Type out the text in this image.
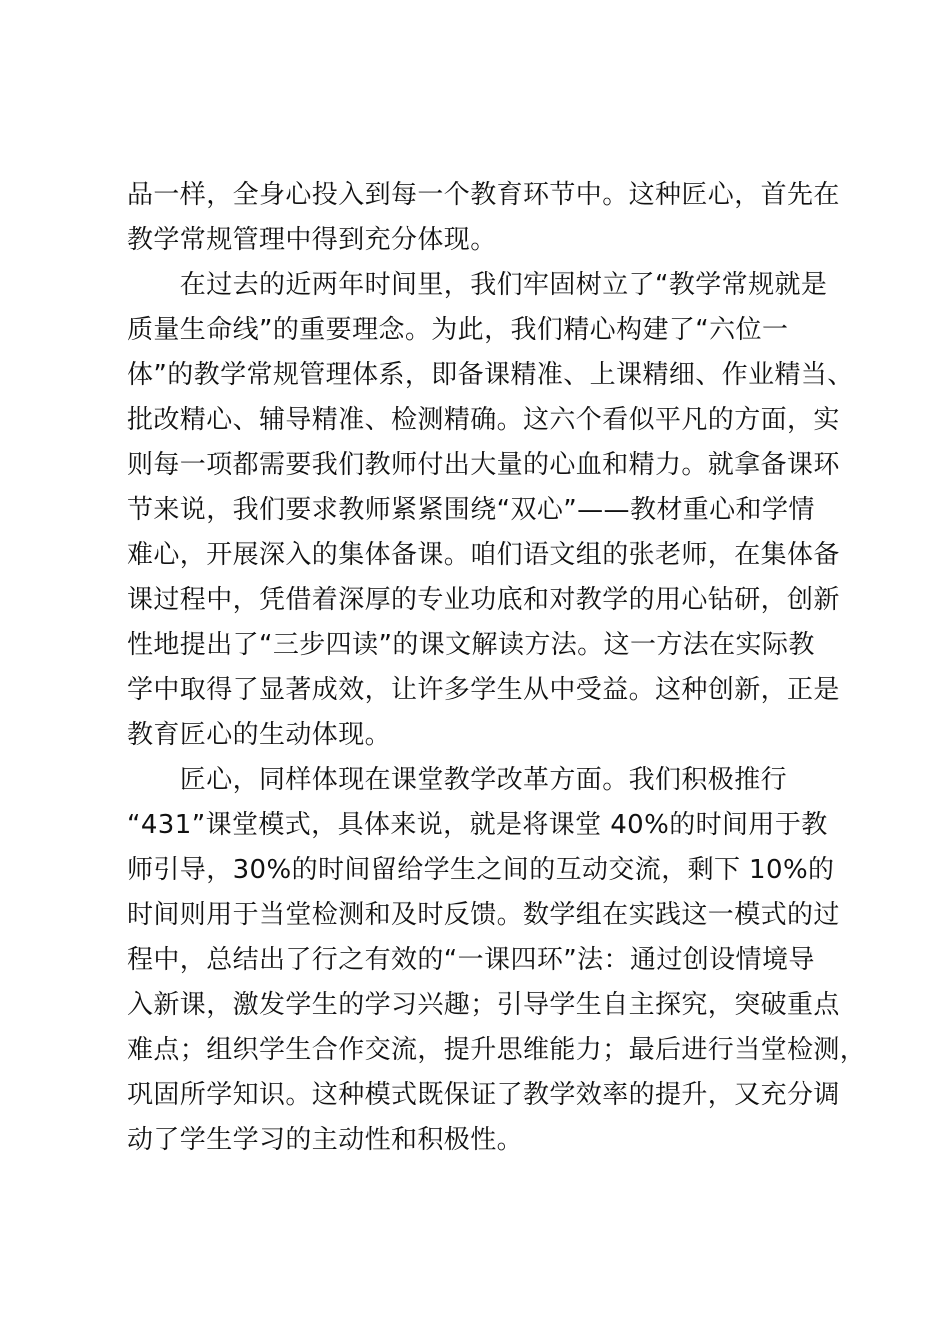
品一样，全身心投入到每一个教育环节中。这种匠心，首先在
教学常规管理中得到充分体现。
　　在过去的近两年时间里，我们牢固树立了“教学常规就是
质量生命线”的重要理念。为此，我们精心构建了“六位一
体”的教学常规管理体系，即备课精准、上课精细、作业精当、
批改精心、辅导精准、检测精确。这六个看似平凡的方面，实
则每一项都需要我们教师付出大量的心血和精力。就拿备课环
节来说，我们要求教师紧紧围绕“双心”——教材重心和学情
难心，开展深入的集体备课。咱们语文组的张老师，在集体备
课过程中，凭借着深厚的专业功底和对教学的用心钻研，创新
性地提出了“三步四读”的课文解读方法。这一方法在实际教
学中取得了显著成效，让许多学生从中受益。这种创新，正是
教育匠心的生动体现。
　　匠心，同样体现在课堂教学改革方面。我们积极推行
“431”课堂模式，具体来说，就是将课堂 40%的时间用于教
师引导，30%的时间留给学生之间的互动交流，剩下 10%的
时间则用于当堂检测和及时反馈。数学组在实践这一模式的过
程中，总结出了行之有效的“一课四环”法：通过创设情境导
入新课，激发学生的学习兴趣；引导学生自主探究，突破重点
难点；组织学生合作交流，提升思维能力；最后进行当堂检测，
巩固所学知识。这种模式既保证了教学效率的提升，又充分调
动了学生学习的主动性和积极性。
